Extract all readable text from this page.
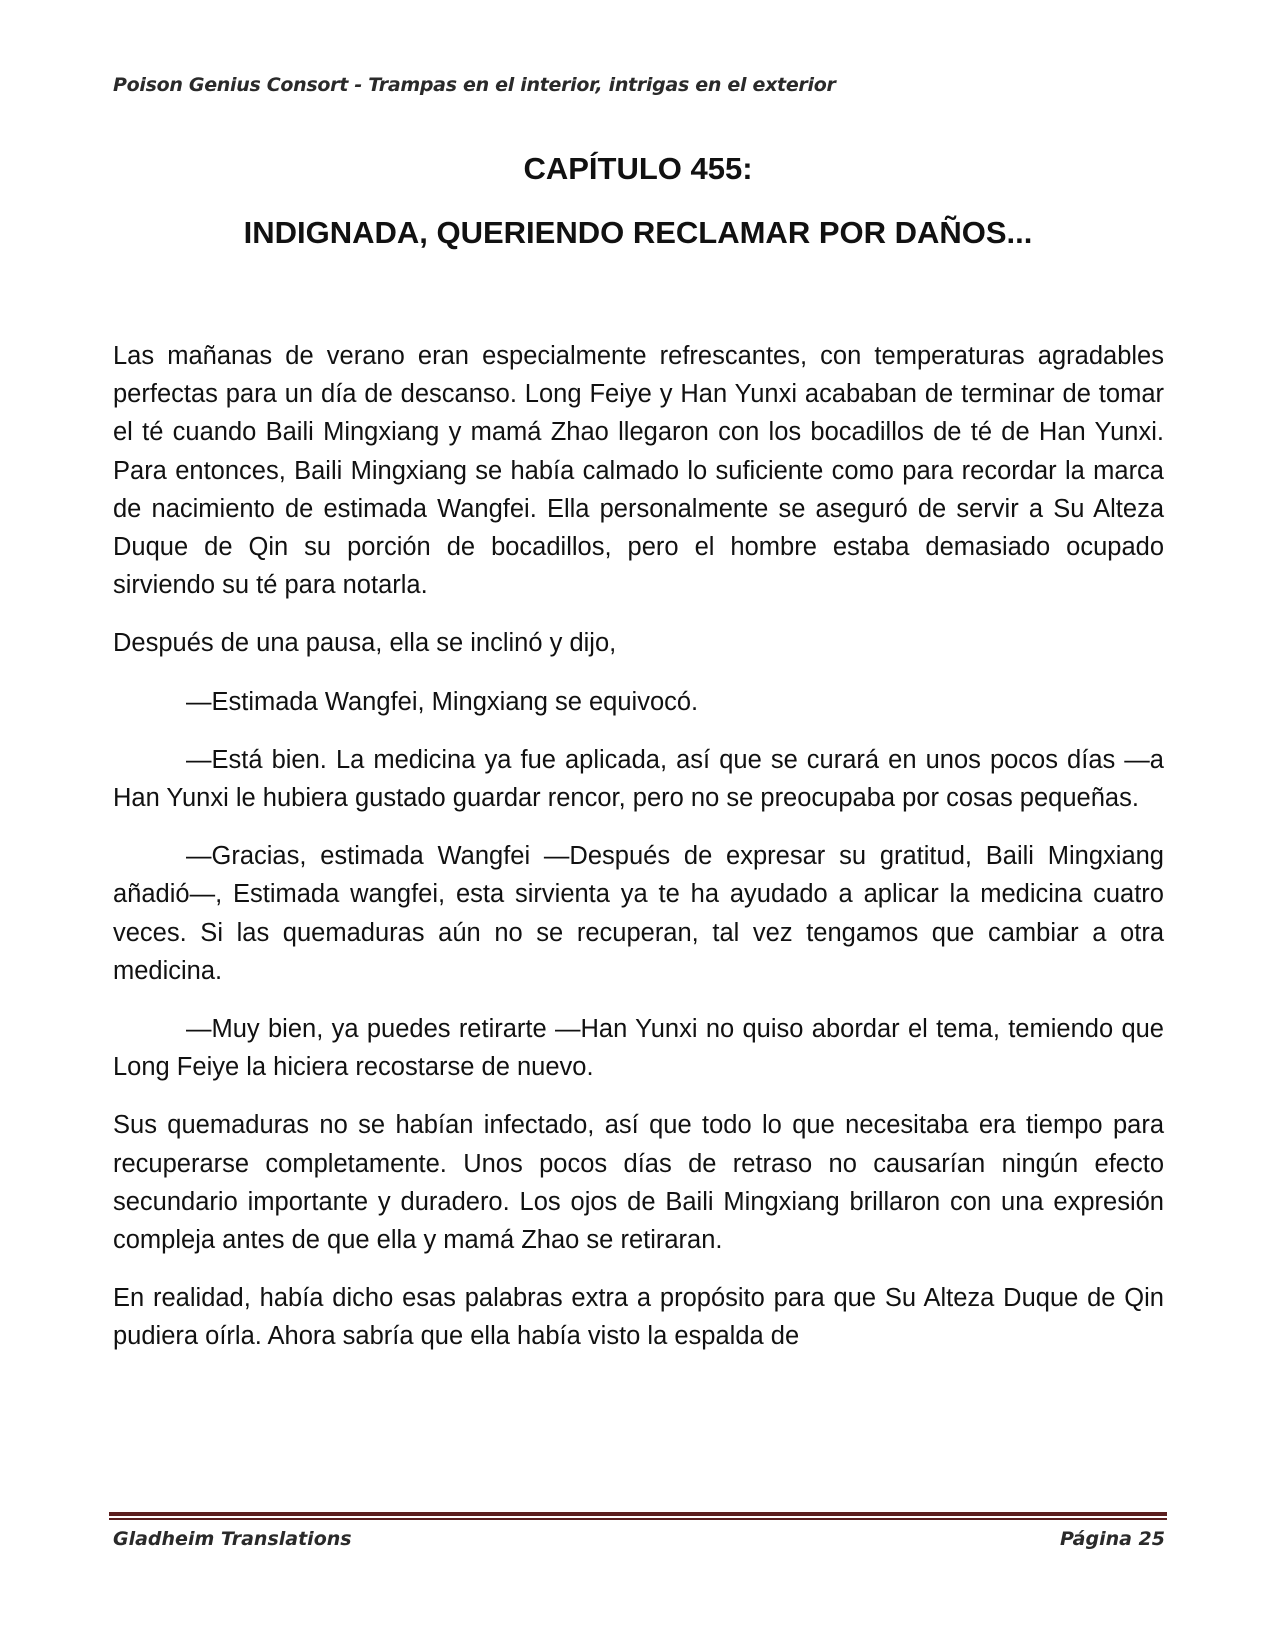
Poison Genius Consort - Trampas en el interior, intrigas en el exterior
CAPÍTULO 455:
INDIGNADA, QUERIENDO RECLAMAR POR DAÑOS...

Las mañanas de verano eran especialmente refrescantes, con temperaturas agradables perfectas para un día de descanso. Long Feiye y Han Yunxi acababan de terminar de tomar el té cuando Baili Mingxiang y mamá Zhao llegaron con los bocadillos de té de Han Yunxi. Para entonces, Baili Mingxiang se había calmado lo suficiente como para recordar la marca de nacimiento de estimada Wangfei. Ella personalmente se aseguró de servir a Su Alteza Duque de Qin su porción de bocadillos, pero el hombre estaba demasiado ocupado sirviendo su té para notarla.

Después de una pausa, ella se inclinó y dijo,

—Estimada Wangfei, Mingxiang se equivocó.

—Está bien. La medicina ya fue aplicada, así que se curará en unos pocos días —a Han Yunxi le hubiera gustado guardar rencor, pero no se preocupaba por cosas pequeñas.

—Gracias, estimada Wangfei —Después de expresar su gratitud, Baili Mingxiang añadió—, Estimada wangfei, esta sirvienta ya te ha ayudado a aplicar la medicina cuatro veces. Si las quemaduras aún no se recuperan, tal vez tengamos que cambiar a otra medicina.

—Muy bien, ya puedes retirarte —Han Yunxi no quiso abordar el tema, temiendo que Long Feiye la hiciera recostarse de nuevo.

Sus quemaduras no se habían infectado, así que todo lo que necesitaba era tiempo para recuperarse completamente. Unos pocos días de retraso no causarían ningún efecto secundario importante y duradero. Los ojos de Baili Mingxiang brillaron con una expresión compleja antes de que ella y mamá Zhao se retiraran.

En realidad, había dicho esas palabras extra a propósito para que Su Alteza Duque de Qin pudiera oírla. Ahora sabría que ella había visto la espalda de

Gladheim Translations	Página 25
